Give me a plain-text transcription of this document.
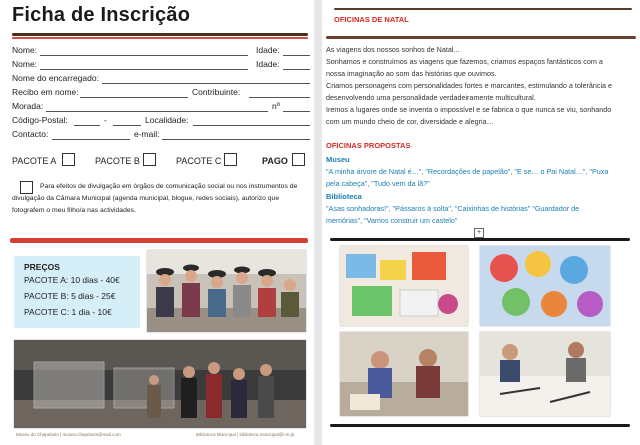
Ficha de Inscrição
Nome:	Idade:
Nome:	Idade:
Nome do encarregado:
Recibo em nome:	Contribuinte:
Morada:	nº
Código-Postal:	-	Localidade:
Contacto:	e-mail:
PACOTE A	PACOTE B	PACOTE C	PAGO
Para efeitos de divulgação em órgãos de comunicação social ou nos instrumentos de
divulgação da Câmara Municipal (agenda municipal, blogue, redes sociais), autorizo que
fotografem o meu filho/a nas actividades.
PREÇOS
PACOTE A: 10 dias - 40€
PACOTE B: 5 dias - 25€
PACOTE C: 1 dia - 10€
Museu do Chapelaria | museu.chapelaria@mail.com	Biblioteca Municipal | biblioteca.municipal@cm.pt
OFICINAS DE NATAL
As viagens dos nossos sonhos de Natal...
Sonhamos e construímos as viagens que fazemos, criamos espaços fantásticos com a
nossa imaginação ao som das histórias que ouvimos.
Criamos personagens com personalidades fortes e marcantes, estimulando a tolerância e
desenvolvendo uma personalidade verdadeiramente multicultural.
Iremos a lugares onde se inventa o impossível e se fabrica o que nunca se viu, sonhando
com um mundo cheio de cor, diversidade e alegria…
OFICINAS PROPOSTAS
Museu
"A minha árvore de Natal é…", "Recordações de papelão", "E se… o Pai Natal…", "Puxa
pela cabeça", "Tudo vem da lã?"
Biblioteca
"Asas sonhadoras!", "Pássaros à solta", "Caixinhas de histórias" "Guardador de
memórias", "Vamos construir um castelo"
+
